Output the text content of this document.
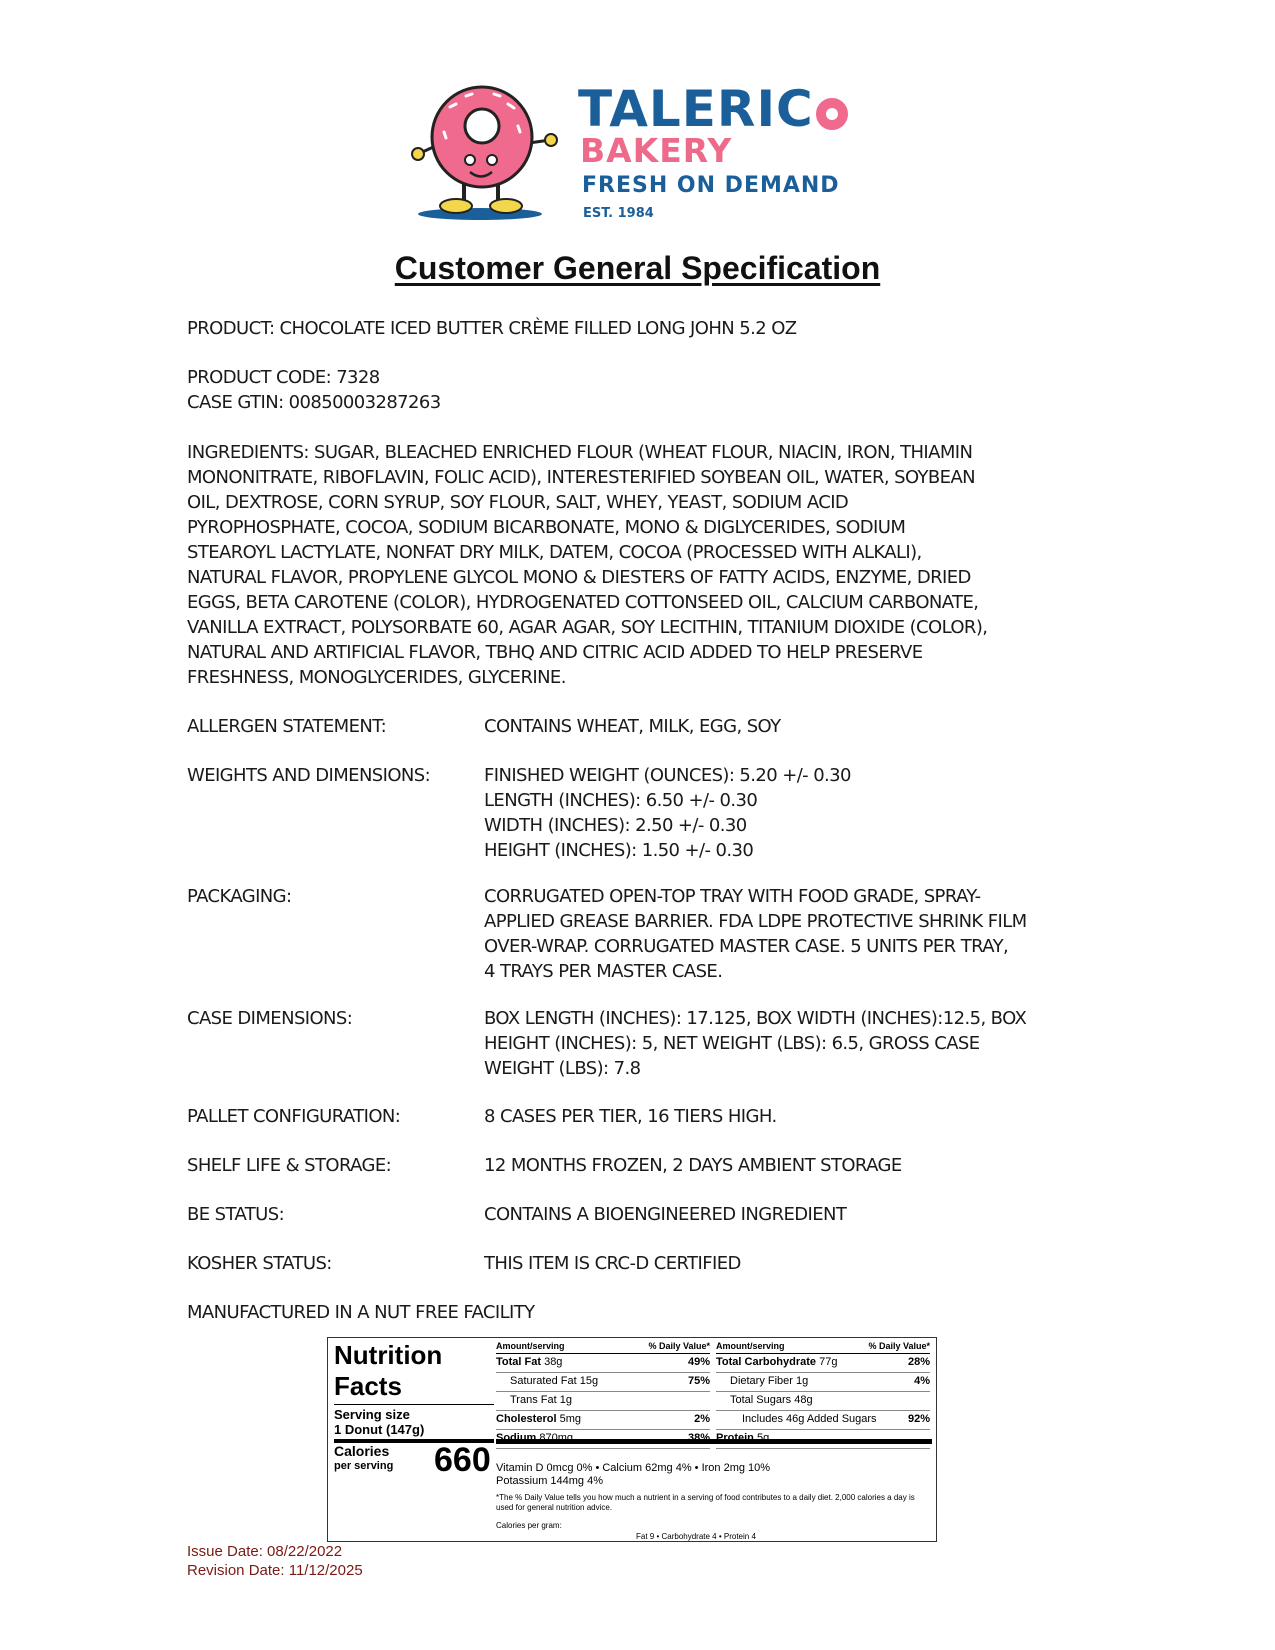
TALERIC
BAKERY
FRESH ON DEMAND
EST. 1984
Customer General Specification
PRODUCT: CHOCOLATE ICED BUTTER CRÈME FILLED LONG JOHN 5.2 OZ
PRODUCT CODE: 7328
CASE GTIN: 00850003287263
INGREDIENTS: SUGAR, BLEACHED ENRICHED FLOUR (WHEAT FLOUR, NIACIN, IRON, THIAMIN
MONONITRATE, RIBOFLAVIN, FOLIC ACID), INTERESTERIFIED SOYBEAN OIL, WATER, SOYBEAN
OIL, DEXTROSE, CORN SYRUP, SOY FLOUR, SALT, WHEY, YEAST, SODIUM ACID
PYROPHOSPHATE, COCOA, SODIUM BICARBONATE, MONO & DIGLYCERIDES, SODIUM
STEAROYL LACTYLATE, NONFAT DRY MILK, DATEM, COCOA (PROCESSED WITH ALKALI),
NATURAL FLAVOR, PROPYLENE GLYCOL MONO & DIESTERS OF FATTY ACIDS, ENZYME, DRIED
EGGS, BETA CAROTENE (COLOR), HYDROGENATED COTTONSEED OIL, CALCIUM CARBONATE,
VANILLA EXTRACT, POLYSORBATE 60, AGAR AGAR, SOY LECITHIN, TITANIUM DIOXIDE (COLOR),
NATURAL AND ARTIFICIAL FLAVOR, TBHQ AND CITRIC ACID ADDED TO HELP PRESERVE
FRESHNESS, MONOGLYCERIDES, GLYCERINE.
ALLERGEN STATEMENT:	CONTAINS WHEAT, MILK, EGG, SOY
WEIGHTS AND DIMENSIONS:	FINISHED WEIGHT (OUNCES): 5.20 +/- 0.30
LENGTH (INCHES): 6.50 +/- 0.30
WIDTH (INCHES): 2.50 +/- 0.30
HEIGHT (INCHES): 1.50 +/- 0.30
PACKAGING:	CORRUGATED OPEN-TOP TRAY WITH FOOD GRADE, SPRAY-
APPLIED GREASE BARRIER. FDA LDPE PROTECTIVE SHRINK FILM
OVER-WRAP. CORRUGATED MASTER CASE. 5 UNITS PER TRAY,
4 TRAYS PER MASTER CASE.
CASE DIMENSIONS:	BOX LENGTH (INCHES): 17.125, BOX WIDTH (INCHES):12.5, BOX
HEIGHT (INCHES): 5, NET WEIGHT (LBS): 6.5, GROSS CASE
WEIGHT (LBS): 7.8
PALLET CONFIGURATION:	8 CASES PER TIER, 16 TIERS HIGH.
SHELF LIFE & STORAGE:	12 MONTHS FROZEN, 2 DAYS AMBIENT STORAGE
BE STATUS:	CONTAINS A BIOENGINEERED INGREDIENT
KOSHER STATUS:	THIS ITEM IS CRC-D CERTIFIED
MANUFACTURED IN A NUT FREE FACILITY
Nutrition
Facts
Serving size
1 Donut (147g)
Calories
per serving 660
Amount/serving	% Daily Value*
Total Fat 38g	49%
Saturated Fat 15g	75%
Trans Fat 1g
Cholesterol 5mg	2%
Sodium 870mg	38%
Amount/serving	% Daily Value*
Total Carbohydrate 77g	28%
Dietary Fiber 1g	4%
Total Sugars 48g
Includes 46g Added Sugars	92%
Protein 5g
Vitamin D 0mcg 0% • Calcium 62mg 4% • Iron 2mg 10%
Potassium 144mg 4%
*The % Daily Value tells you how much a nutrient in a serving of food contributes to a daily diet. 2,000 calories a day is used for general nutrition advice.
Calories per gram:
Fat 9 • Carbohydrate 4 • Protein 4
Issue Date: 08/22/2022
Revision Date: 11/12/2025
